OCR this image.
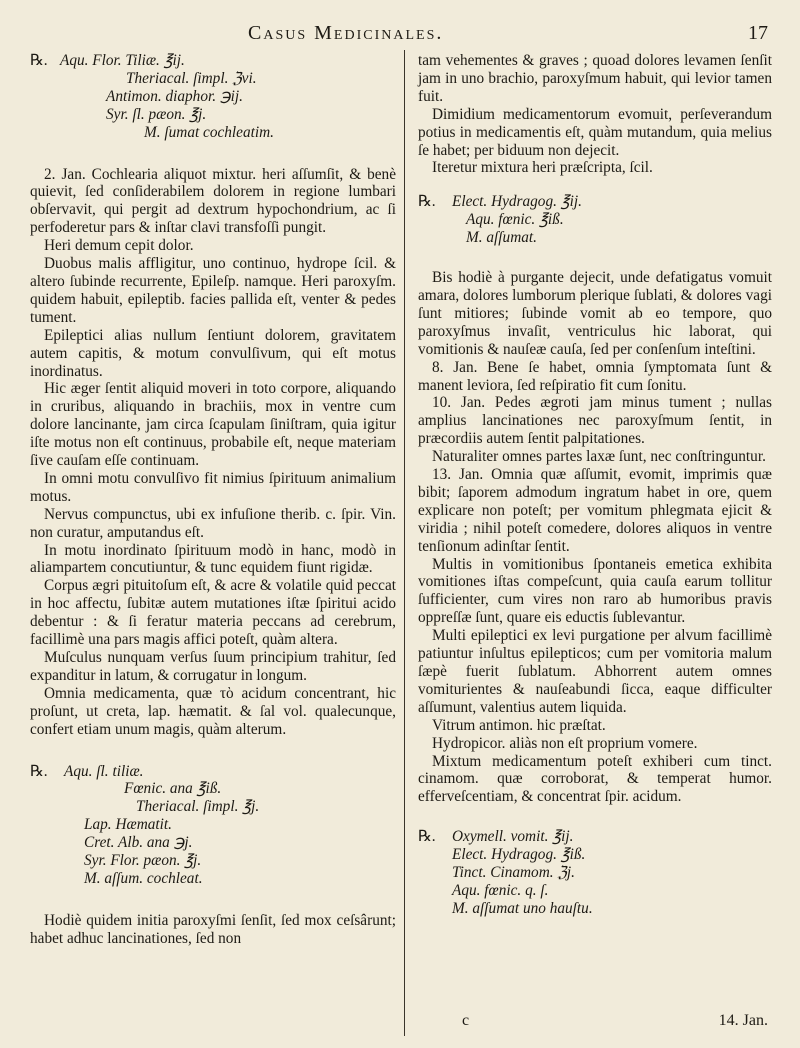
Casus Medicinales.	17
℞. Aqu. Flor. Tiliæ. ℥ij.

Theriacal. ſimpl. ℨvi.

Antimon. diaphor. ℈ij.

Syr. ſl. pæon. ℥j.

M. ſumat cochleatim.

2. Jan. Cochlearia aliquot mixtur. heri aſſumſit, & benè quievit, ſed conſiderabilem dolorem in regione lumbari obſervavit, qui pergit ad dextrum hypochondrium, ac ſi perfoderetur pars & inſtar clavi transfoſſi pungit.

Heri demum cepit dolor.

Duobus malis affligitur, uno continuo, hydrope ſcil. & altero ſubinde recurrente, Epileſp. namque. Heri paroxyſm. quidem habuit, epileptib. facies pallida eſt, venter & pedes tument.

Epileptici alias nullum ſentiunt dolorem, gravitatem autem capitis, & motum convulſivum, qui eſt motus inordinatus.

Hic æger ſentit aliquid moveri in toto corpore, aliquando in cruribus, aliquando in brachiis, mox in ventre cum dolore lancinante, jam circa ſcapulam ſiniſtram, quia igitur iſte motus non eſt continuus, probabile eſt, neque materiam ſive cauſam eſſe continuam.

In omni motu convulſivo fit nimius ſpirituum animalium motus.

Nervus compunctus, ubi ex infuſione therib. c. ſpir. Vin. non curatur, amputandus eſt.

In motu inordinato ſpirituum modò in hanc, modò in aliampartem concutiuntur, & tunc equidem fiunt rigidæ.

Corpus ægri pituitoſum eſt, & acre & volatile quid peccat in hoc affectu, ſubitæ autem mutationes iſtæ ſpiritui acido debentur : & ſi feratur materia peccans ad cerebrum, facillimè una pars magis affici poteſt, quàm altera.

Muſculus nunquam verſus ſuum principium trahitur, ſed expanditur in latum, & corrugatur in longum.

Omnia medicamenta, quæ τὸ acidum concentrant, hic proſunt, ut creta, lap. hæmatit. & ſal vol. qualecunque, confert etiam unum magis, quàm alterum.

℞.	Aqu. ſl. tiliæ.

Fœnic. ana ℥iß.

Theriacal. ſimpl. ℥j.

Lap. Hæmatit.

Cret. Alb. ana ℈j.

Syr. Flor. pæon. ℥j.

M. aſſum. cochleat.

Hodiè quidem initia paroxyſmi ſenſit, ſed mox ceſsârunt; habet adhuc lancinationes, ſed non

tam vehementes & graves ; quoad dolores levamen ſenſit jam in uno brachio, paroxyſmum habuit, qui levior tamen fuit.

Dimidium medicamentorum evomuit, perſeverandum potius in medicamentis eſt, quàm mutandum, quia melius ſe habet; per biduum non dejecit.

Iteretur mixtura heri præſcripta, ſcil.

℞.	Elect. Hydragog. ℥ij.

Aqu. fœnic. ℥iß.

M. aſſumat.

Bis hodiè à purgante dejecit, unde defatigatus vomuit amara, dolores lumborum plerique ſublati, & dolores vagi ſunt mitiores; ſubinde vomit ab eo tempore, quo paroxyſmus invaſit, ventriculus hic laborat, qui vomitionis & nauſeæ cauſa, ſed per conſenſum inteſtini.

8. Jan. Bene ſe habet, omnia ſymptomata ſunt & manent leviora, ſed reſpiratio fit cum ſonitu.

10. Jan. Pedes ægroti jam minus tument ; nullas amplius lancinationes nec paroxyſmum ſentit, in præcordiis autem ſentit palpitationes.

Naturaliter omnes partes laxæ ſunt, nec conſtringuntur.

13. Jan. Omnia quæ aſſumit, evomit, imprimis quæ bibit; ſaporem admodum ingratum habet in ore, quem explicare non poteſt; per vomitum phlegmata ejicit & viridia ; nihil poteſt comedere, dolores aliquos in ventre tenſionum adinſtar ſentit.

Multis in vomitionibus ſpontaneis emetica exhibita vomitiones iſtas compeſcunt, quia cauſa earum tollitur ſufficienter, cum vires non raro ab humoribus pravis oppreſſæ ſunt, quare eis eductis ſublevantur.

Multi epileptici ex levi purgatione per alvum facillimè patiuntur inſultus epilepticos; cum per vomitoria malum ſæpè fuerit ſublatum. Abhorrent autem omnes vomiturientes & nauſeabundi ſicca, eaque difficulter aſſumunt, valentius autem liquida.

Vitrum antimon. hic præſtat.

Hydropicor. aliàs non eſt proprium vomere.

Mixtum medicamentum poteſt exhiberi cum tinct. cinamom. quæ corroborat, & temperat humor. efferveſcentiam, & concentrat ſpir. acidum.

℞.	Oxymell. vomit. ℥ij.

Elect. Hydragog. ℥iß.

Tinct. Cinamom. ℨj.

Aqu. fœnic. q. ſ.

M. aſſumat uno hauſtu.

c	14. Jan.
